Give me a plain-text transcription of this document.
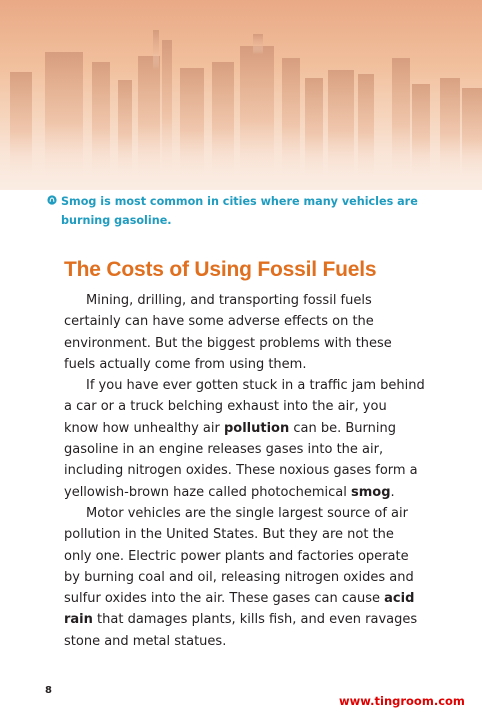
Smog is most common in cities where many vehicles are
burning gasoline.
The Costs of Using Fossil Fuels

Mining, drilling, and transporting fossil fuels
certainly can have some adverse effects on the
environment. But the biggest problems with these
fuels actually come from using them.

If you have ever gotten stuck in a traffic jam behind
a car or a truck belching exhaust into the air, you
know how unhealthy air pollution can be. Burning
gasoline in an engine releases gases into the air,
including nitrogen oxides. These noxious gases form a
yellowish-brown haze called photochemical smog.

Motor vehicles are the single largest source of air
pollution in the United States. But they are not the
only one. Electric power plants and factories operate
by burning coal and oil, releasing nitrogen oxides and
sulfur oxides into the air. These gases can cause acid
rain that damages plants, kills fish, and even ravages
stone and metal statues.

8
www.tingroom.com
